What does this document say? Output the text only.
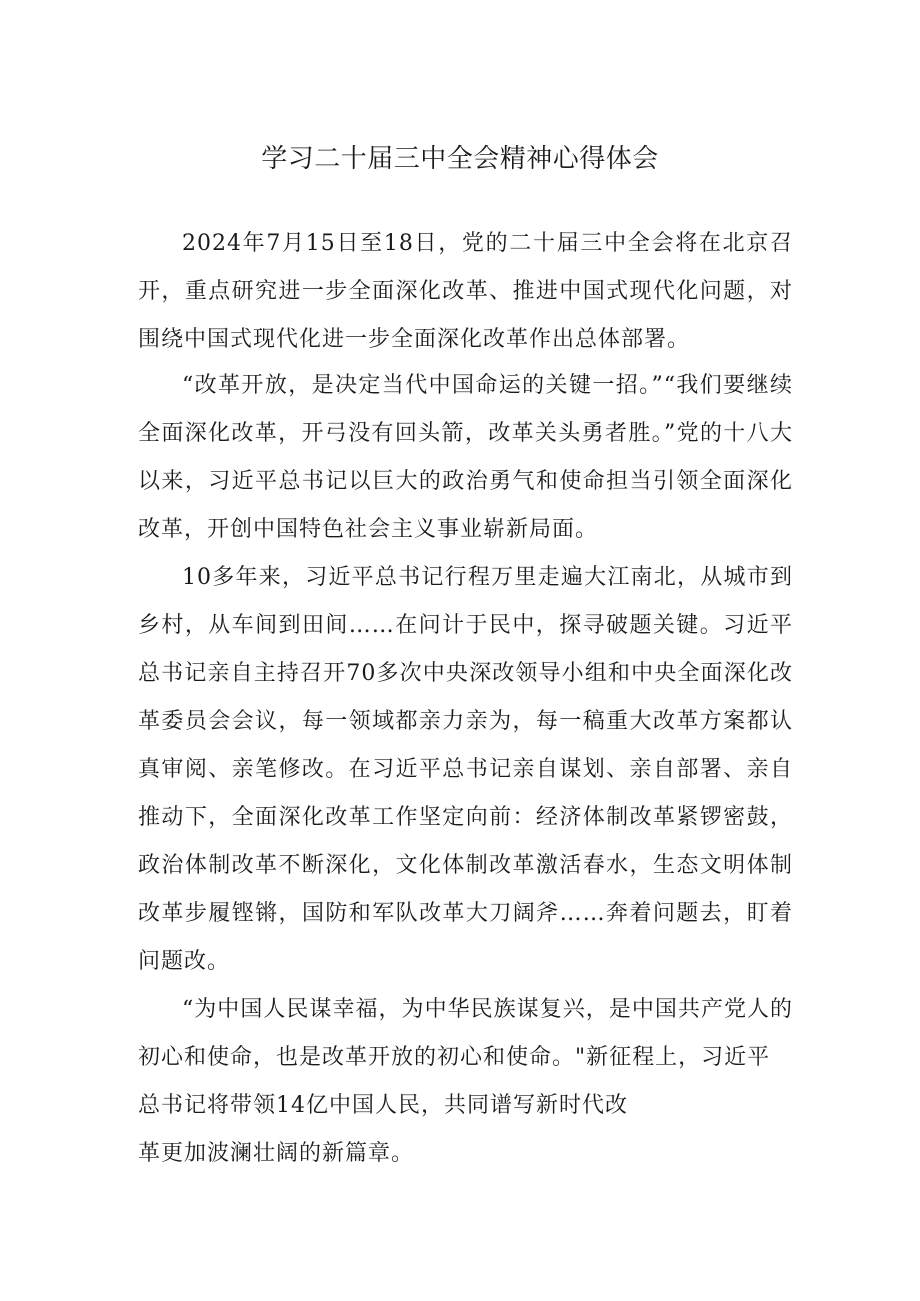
学习二十届三中全会精神心得体会

2024年7月15日至18日，党的二十届三中全会将在北京召开，重点研究进一步全面深化改革、推进中国式现代化问题，对围绕中国式现代化进一步全面深化改革作出总体部署。

“改革开放，是决定当代中国命运的关键一招。”“我们要继续全面深化改革，开弓没有回头箭，改革关头勇者胜。”党的十八大以来，习近平总书记以巨大的政治勇气和使命担当引领全面深化改革，开创中国特色社会主义事业崭新局面。

10多年来，习近平总书记行程万里走遍大江南北，从城市到乡村，从车间到田间……在问计于民中，探寻破题关键。习近平总书记亲自主持召开70多次中央深改领导小组和中央全面深化改革委员会会议，每一领域都亲力亲为，每一稿重大改革方案都认真审阅、亲笔修改。在习近平总书记亲自谋划、亲自部署、亲自推动下，全面深化改革工作坚定向前：经济体制改革紧锣密鼓，政治体制改革不断深化，文化体制改革激活春水，生态文明体制改革步履铿锵，国防和军队改革大刀阔斧……奔着问题去，盯着问题改。

“为中国人民谋幸福，为中华民族谋复兴，是中国共产党人的初心和使命，也是改革开放的初心和使命。"新征程上，习近平

总书记将带领14亿中国人民，共同谱写新时代改

革更加波澜壮阔的新篇章。
